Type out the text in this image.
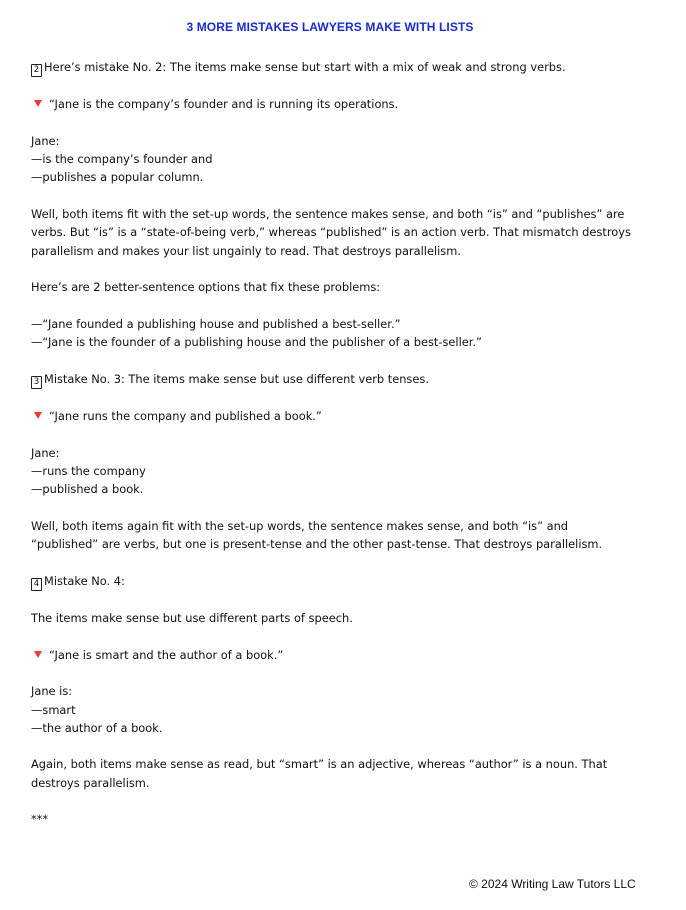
3 MORE MISTAKES LAWYERS MAKE WITH LISTS

2 Here’s mistake No. 2: The items make sense but start with a mix of weak and strong verbs.

“Jane is the company’s founder and is running its operations.

Jane:

—is the company’s founder and

—publishes a popular column.

Well, both items fit with the set-up words, the sentence makes sense, and both “is” and “publishes” are verbs. But “is” is a “state-of-being verb,” whereas “published” is an action verb. That mismatch destroys parallelism and makes your list ungainly to read. That destroys parallelism.

Here’s are 2 better-sentence options that fix these problems:

—“Jane founded a publishing house and published a best-seller.”

—“Jane is the founder of a publishing house and the publisher of a best-seller.”

3 Mistake No. 3: The items make sense but use different verb tenses.

“Jane runs the company and published a book.”

Jane:

—runs the company

—published a book.

Well, both items again fit with the set-up words, the sentence makes sense, and both “is” and “published” are verbs, but one is present-tense and the other past-tense. That destroys parallelism.

4 Mistake No. 4:

The items make sense but use different parts of speech.

“Jane is smart and the author of a book.”

Jane is:

—smart

—the author of a book.

Again, both items make sense as read, but “smart” is an adjective, whereas “author” is a noun. That destroys parallelism.

***

© 2024 Writing Law Tutors LLC
